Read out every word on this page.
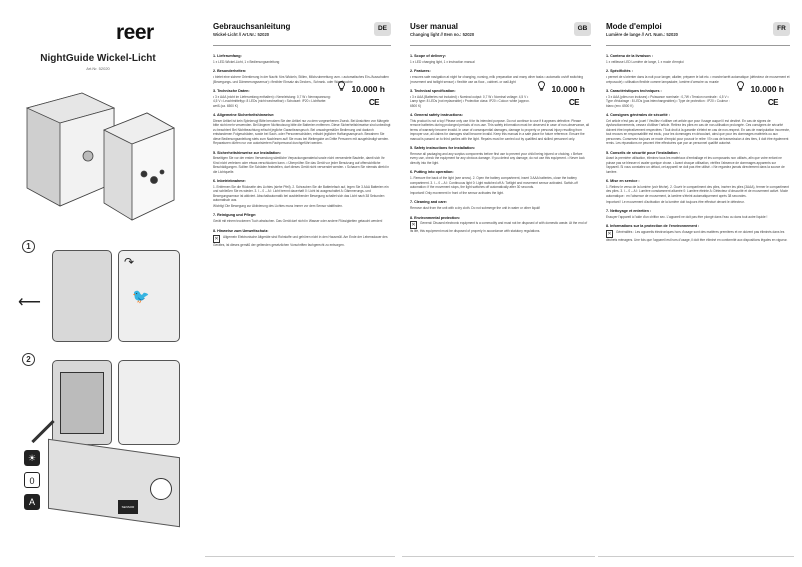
reer
NightGuide Wickel-Licht
Art.Nr. 52020
1
⟵	🐦
↷
2
☀
0
A	SENSOR
Gebrauchsanleitung
Wickel-Licht // Art.Nr.: 52020
DE
1. Lieferumfang:

1 x LED-Wickel-Licht, 1 x Bedienungsanleitung

2. Besonderheiten:

• bietet eine sichere Orientierung in der Nacht: fürs Wickeln, Stillen, Milchzubereitung uvm. • automatisches Ein-/Ausschalten (Bewegungs- und Dämmerungssensor) • flexibler Einsatz als Decken-, Schrank- oder Wandleuchte

3. Technische Daten:	10.000 h
CE

• 3 x AAA (nicht im Lieferumfang enthalten) • Nennleistung: 0,7 W • Nennspannung: 4,5 V • Leuchtmitteltyp: 8 LEDs (nicht wechselbar) • Schutzart: IP20 • Lichtfarbe: weiß (ca. 6500 K)

4. Allgemeine Sicherheitshinweise:

Dieser Artikel ist kein Spielzeug! Bitte benutzen Sie den Artikel nur zu dem vorgesehenen Zweck. Bei Ansichten von Mängeln bitte nicht mehr verwenden. Bei längerer Nichtnutzung bitte die Batterien entfernen. Diese Sicherheitshinweise sind unbedingt zu beachten! Bei Nichtbeachtung erlischt jegliche Garantieanspruch. Bei unsachgemäßer Bedienung und dadurch entstandenen Folgeschäden, sowie bei Sach- oder Personenschäden, erlischt jeglicher Haftungsanspruch. Bewahren Sie diese Bedienungsanleitung stets zum Nachlesen auf! Sie muss bei Weitergabe an Dritte Personen mit ausgehändigt werden. Reparaturen dürfen nur von autorisiertem Fachpersonal durchgeführt werden.

5. Sicherheitshinweise zur Installation:

Beseitigen Sie vor der ersten Verwendung sämtliche Verpackungsmaterial sowie nicht verwendete Bauteile, damit sich Ihr Kind nicht verletzen oder etwas verschlucken kann. • Überprüfen Sie das Gerät vor jeder Benutzung auf offensichtliche Beschädigungen. Sollten Sie Schäden feststellen, darf dieses Gerät nicht verwendet werden. • Schauen Sie niemals direkt in die Lichtquelle.

6. Inbetriebnahme:

1. Entfernen Sie die Rückseite des Lichtes (siehe Pfeil). 2. Schrauben Sie die Batteriefach auf, legen Sie 3 AAA Batterien ein und schließen Sie es wieder. 3. I – 0 – A I: Licht brennt dauerhaft 0: Licht ist ausgeschaltet A: Dämmerungs- und Bewegungssensor ist aktiviert. Abschaltautomatik bei ausbleibender Bewegung schaltet sich das Licht nach 38 Sekunden automatisch aus.

Wichtig! Die Bewegung zur Aktivierung des Lichtes muss immer vor dem Sensor stattfinden.

7. Reinigung und Pflege:

Gerät mit einem trockenen Tuch abwischen. Das Gerät darf nicht in Wasser oder andere Flüssigkeiten getaucht werden!

8. Hinweise zum Umweltschutz:

✕ Allgemein Elektronische Altgeräte sind Rohstoffe und gehören nicht in den Hausmüll. Am Ende der Lebensdauer des Gerätes, ist dieses gemäß der geltenden gesetzlichen Vorschriften fachgerecht zu entsorgen.

User manual
Changing light // Item no.: 52020
GB
1. Scope of delivery:

1 x LED changing light, 1 x instruction manual

2. Features:

• ensures safe navigation at night for changing, nursing, milk preparation and many other tasks • automatic on/off switching (movement and twilight sensor) • flexible use as floor-, cabinet- or wall-light

3. Technical specification:	10.000 h
CE

• 3 x AAA (Batteries not included) • Nominal output: 0,7 W • Nominal voltage: 4,5 V • Lamp type: 8 LEDs (not replaceable) • Protection class: IP20 • Colour: white (approx. 6500 K)

4. General safety instructions:

This product is not a toy! Please only use it for its intended purpose. Do not continue to use if it appears defective. Please remove batteries during prolonged periods of non-use. This safety information must be observed in case of non-observance, all terms of warranty become invalid. In case of consequential damages, damage to property or personal injury resulting from improper use, all claims for damages shall become invalid. Keep this manual in a safe place for future reference. Ensure the manual is passed on to third parties with the light. Repairs must be carried out by qualified and skilled personnel only.

5. Safety instructions for installation:

Remove all packaging and any surplus components before first use to prevent your child being injured or choking. • Before every use, check the equipment for any obvious damage. If you detect any damage, do not use this equipment. • Never look directly into the light.

6. Putting into operation:

1. Remove the back of the light (see arrow). 2. Open the battery compartment, insert 3 AAA batteries, close the battery compartment. 3. I – 0 – A I: Continuous light 0: Light switched off A: Twilight and movement sensor activated. Switch-off automation: if the movement stops, the light switches off automatically after 30 seconds.

Important! Only movement in front of the sensor activates the light.

7. Cleaning and care:

Remove dust from the unit with a dry cloth. Do not submerge the unit in water or other liquid!

8. Environmental protection:

✕ General: Disused electronic equipment is a commodity and must not be disposed of with domestic waste. At the end of its life, this equipment must be disposed of properly in accordance with statutory regulations.

Mode d'emploi
Lumière de lange // Art. Num.: 52020
FR
1. Contenu de la livraison :

1 x veilleuse LED Lumière de lange, 1 x mode d'emploi

2. Spécificités :

• permet de s'orienter dans la nuit pour langer, allaiter, préparer le lait etc. • marche/arrêt automatique (détecteur de mouvement et crépuscule) • utilisation flexible comme lampadaire, lumière d'armoire ou murale

3. Caractéristiques techniques :	10.000 h
CE

• 3 x AAA (piles non incluses) • Puissance nominale : 0,7W • Tension nominale : 4,5 V • Type d'éclairage : 8 LEDs (pas interchangeables) • Type de protection : IP20 • Couleur : blanc (env. 6500 K)

4. Consignes générales de sécurité :

Cet article n'est pas un jouet ! Veuillez n'utiliser cet article que pour l'usage auquel il est destiné. En cas de signes de dysfonctionnements, cessez d'utiliser l'article. Retirez les piles en cas de non-utilisation prolongée. Ces consignes de sécurité doivent être impérativement respectées ! Tout droit à la garantie s'éteint en cas de non-respect. En cas de manipulation incorrecte, tout recours en responsabilité est exclu, pour les dommages en découlant, ainsi que pour les dommages matériels ou aux personnes. Conservez toujours ce mode d'emploi pour pouvoir le relire ! En cas de transmission à des tiers, il doit être également remis. Les réparations ne peuvent être effectuées que par un personnel qualifié autorisé.

5. Conseils de sécurité pour l'installation :

Avant la première utilisation, éliminez tous les matériaux d'emballage et les composants non utilisés, afin que votre enfant ne puisse pas se blesser ni avaler quelque chose. • Avant chaque utilisation, vérifiez l'absence de dommages apparents sur l'appareil. Si vous constatez un défaut, cet appareil ne doit pas être utilisé. • Ne regardez jamais directement dans la source de lumière.

6. Mise en service :

1. Retirez le verso de la lumière (voir flèche). 2. Ouvrir le compartiment des piles, insérer les piles (3AAA), fermer le compartiment des piles. 3. I – 0 – A I: Lumière constamment allumée 0: Lumière éteinte A: Détecteur d'obscurité et de mouvement activé. Mode automatique : en l'absence de mouvement, la lumière s'éteint automatiquement après 38 secondes.

Important ! Le mouvement d'activation de la lumière doit toujours être effectué devant le détecteur.

7. Nettoyage et entretien :

Essuyer l'appareil à l'aide d'un chiffon sec. L'appareil ne doit pas être plongé dans l'eau ou dans tout autre liquide !

8. Informations sur la protection de l'environnement :

✕ Généralités : Les appareils électroniques hors d'usage sont des matières premières et ne doivent pas éliminés dans les déchets ménagers. Une fois que l'appareil est hors d'usage, il doit être éliminé en conformité aux dispositions légales en vigueur.
